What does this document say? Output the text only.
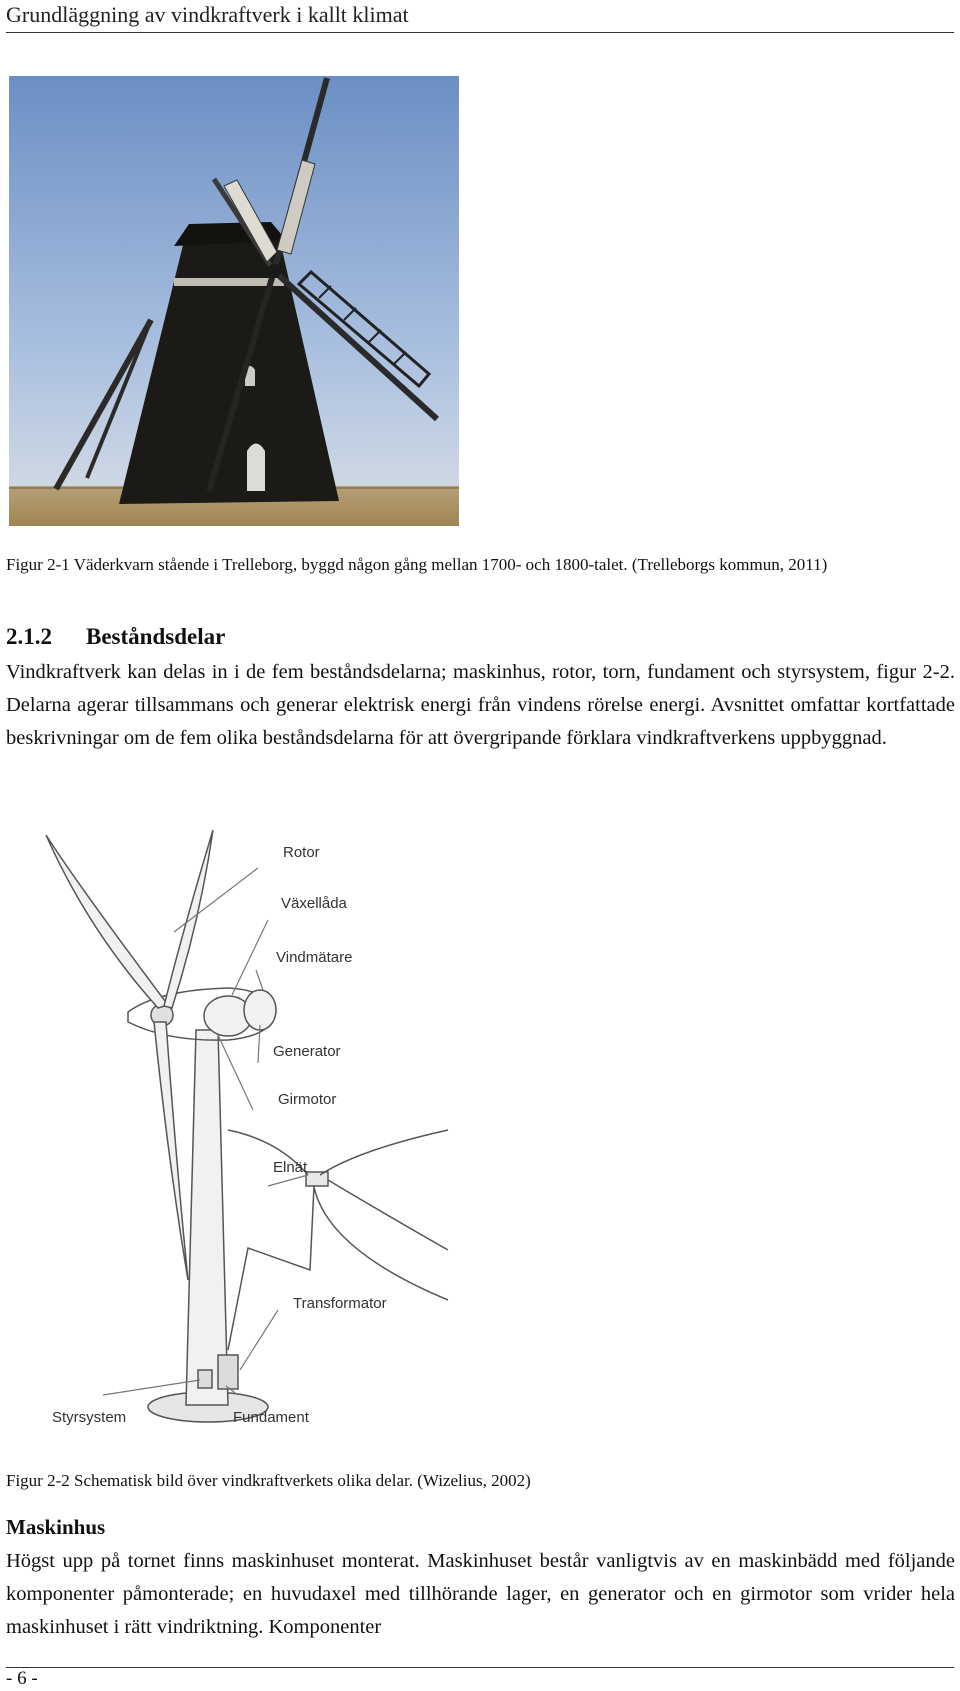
Grundläggning av vindkraftverk i kallt klimat
Figur 2-1 Väderkvarn stående i Trelleborg, byggd någon gång mellan 1700- och 1800-talet. (Trelleborgs kommun, 2011)
2.1.2 Beståndsdelar
Vindkraftverk kan delas in i de fem beståndsdelarna; maskinhus, rotor, torn, fundament och styrsystem, figur 2-2. Delarna agerar tillsammans och generar elektrisk energi från vindens rörelse energi. Avsnittet omfattar kortfattade beskrivningar om de fem olika beståndsdelarna för att övergripande förklara vindkraftverkens uppbyggnad.
Rotor
Växellåda
Vindmätare
Generator
Girmotor
Elnät
Transformator
Styrsystem	Fundament
Figur 2-2 Schematisk bild över vindkraftverkets olika delar. (Wizelius, 2002)
Maskinhus
Högst upp på tornet finns maskinhuset monterat. Maskinhuset består vanligtvis av en maskinbädd med följande komponenter påmonterade; en huvudaxel med tillhörande lager, en generator och en girmotor som vrider hela maskinhuset i rätt vindriktning. Komponenter
- 6 -
